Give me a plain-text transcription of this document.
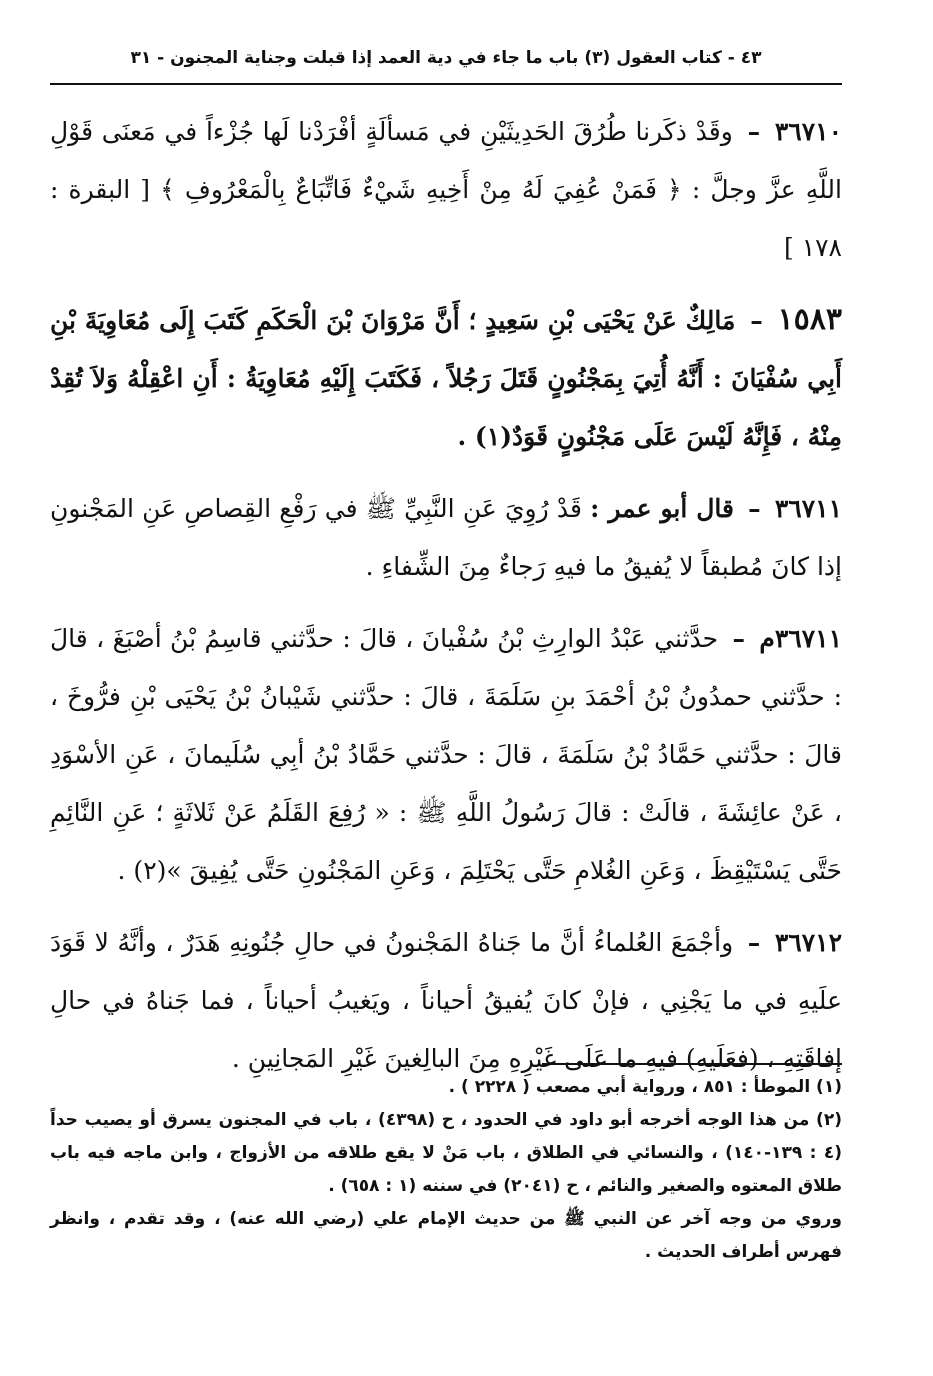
٤٣ - كتاب العقول (٣) باب ما جاء في دية العمد إذا قبلت وجناية المجنون - ٣١

٣٦٧١٠ – وقَدْ ذكَرنا طُرُقَ الحَدِيثَيْنِ في مَسألَةٍ أفْرَدْنا لَها جُزْءاً في مَعنَى قَوْلِ اللَّهِ عزَّ وجلَّ : ﴿ فَمَنْ عُفِيَ لَهُ مِنْ أَخِيهِ شَيْءٌ فَاتِّبَاعٌ بِالْمَعْرُوفِ ﴾ [ البقرة : ١٧٨ ]

١٥٨٣ – مَالِكٌ عَنْ يَحْيَى بْنِ سَعِيدٍ ؛ أَنَّ مَرْوَانَ بْنَ الْحَكَمِ كَتَبَ إِلَى مُعَاوِيَةَ بْنِ أَبِي سُفْيَانَ : أَنَّهُ أُتِيَ بِمَجْنُونٍ قَتَلَ رَجُلاً ، فَكَتَبَ إِلَيْهِ مُعَاوِيَةُ : أَنِ اعْقِلْهُ وَلاَ تُقِدْ مِنْهُ ، فَإِنَّهُ لَيْسَ عَلَى مَجْنُونٍ قَوَدٌ(١) .

٣٦٧١١ – قال أبو عمر : قَدْ رُوِيَ عَنِ النَّبِيِّ ﷺ في رَفْعِ القِصاصِ عَنِ المَجْنونِ إذا كانَ مُطبقاً لا يُفيقُ ما فيهِ رَجاءٌ مِنَ الشِّفاءِ .

٣٦٧١١م – حدَّثني عَبْدُ الوارِثِ بْنُ سُفْيانَ ، قالَ : حدَّثني قاسِمُ بْنُ أصْبَغَ ، قالَ : حدَّثني حمدُونُ بْنُ أحْمَدَ بنِ سَلَمَةَ ، قالَ : حدَّثني شَيْبانُ بْنُ يَحْيَى بْنِ فرُّوخَ ، قالَ : حدَّثني حَمَّادُ بْنُ سَلَمَةَ ، قالَ : حدَّثني حَمَّادُ بْنُ أبِي سُلَيمانَ ، عَنِ الأسْوَدِ ، عَنْ عائِشَةَ ، قالَتْ : قالَ رَسُولُ اللَّهِ ﷺ : « رُفِعَ القَلَمُ عَنْ ثَلاثَةٍ ؛ عَنِ النَّائِمِ حَتَّى يَسْتَيْقِظَ ، وَعَنِ الغُلامِ حَتَّى يَحْتَلِمَ ، وَعَنِ المَجْنُونِ حَتَّى يُفِيقَ »(٢) .

٣٦٧١٢ – وأجْمَعَ العُلماءُ أنَّ ما جَناهُ المَجْنونُ في حالِ جُنُونِهِ هَدَرٌ ، وأنَّهُ لا قَوَدَ علَيهِ في ما يَجْنِي ، فإنْ كانَ يُفيقُ أحياناً ، ويَغيبُ أحياناً ، فما جَناهُ في حالِ إفاقَتِهِ ، (فعَلَيهِ) فيهِ ما عَلَى غَيْرِهِ مِنَ البالِغينَ غَيْرِ المَجانِينِ .

(١) الموطأ : ٨٥١ ، ورواية أبي مصعب ( ٢٢٢٨ ) .

(٢) من هذا الوجه أخرجه أبو داود في الحدود ، ح (٤٣٩٨) ، باب في المجنون يسرق أو يصيب حداً (٤ : ١٣٩-١٤٠) ، والنسائي في الطلاق ، باب مَنْ لا يقع طلاقه من الأزواج ، وابن ماجه فيه باب طلاق المعتوه والصغير والنائم ، ح (٢٠٤١) في سننه (١ : ٦٥٨) .

وروي من وجه آخر عن النبي ﷺ من حديث الإمام علي (رضي الله عنه) ، وقد تقدم ، وانظر فهرس أطراف الحديث .
